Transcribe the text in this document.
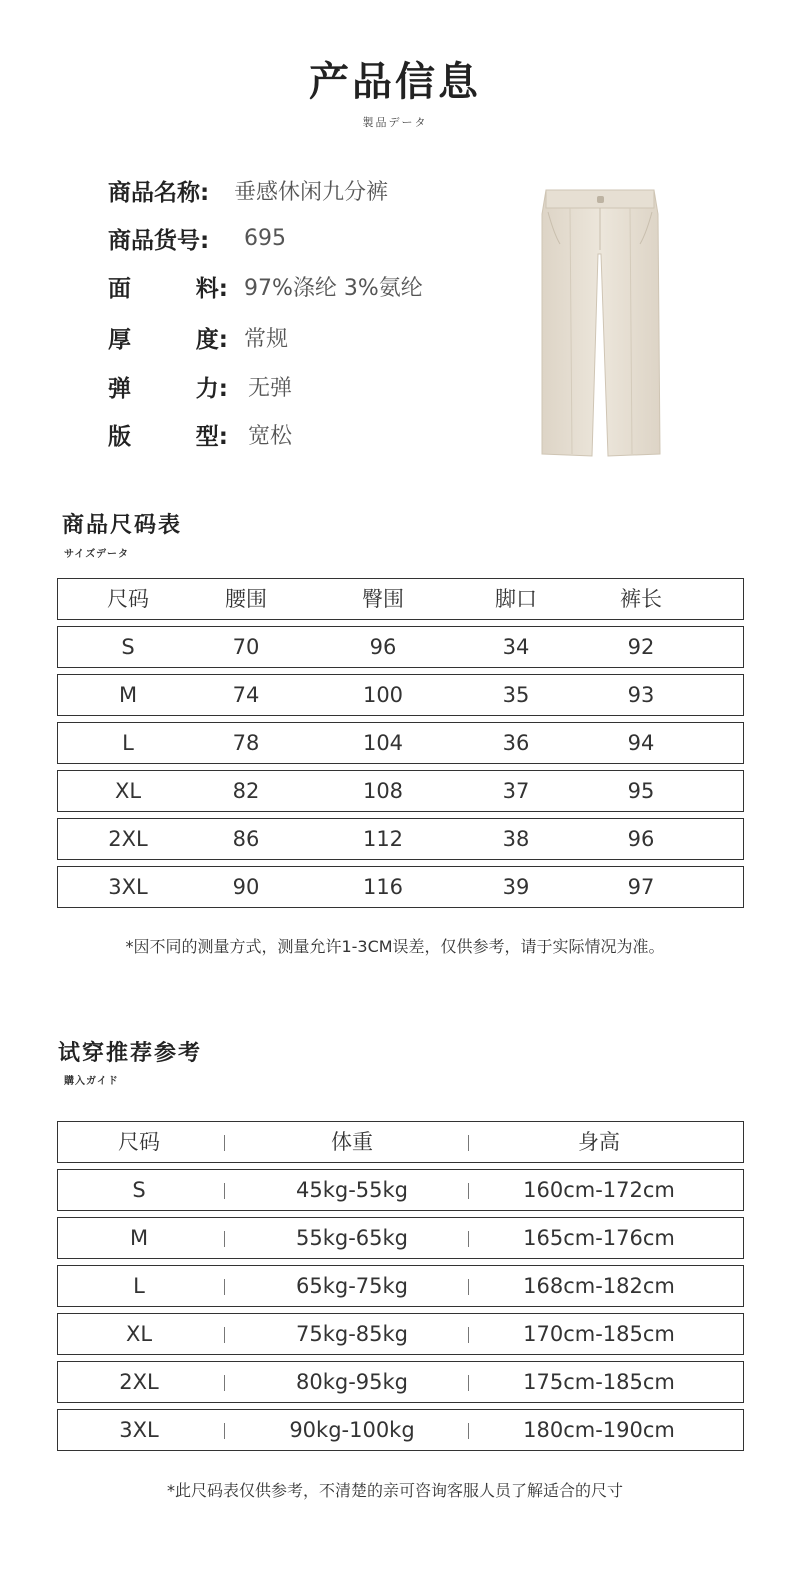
产品信息
製品データ
商品名称:	垂感休闲九分裤
商品货号:	695
面	料: 97%涤纶 3%氨纶
厚	度: 常规
弹	力: 无弹
版	型: 宽松
商品尺码表
サイズデータ
尺码	腰围	臀围	脚口	裤长
S	70	96	34	92
M	74	100	35	93
L	78	104	36	94
XL	82	108	37	95
2XL	86	112	38	96
3XL	90	116	39	97
*因不同的测量方式，测量允许1-3CM误差，仅供参考，请于实际情况为准。
试穿推荐参考
購入ガイド
尺码	体重	身高
S	45kg-55kg	160cm-172cm
M	55kg-65kg	165cm-176cm
L	65kg-75kg	168cm-182cm
XL	75kg-85kg	170cm-185cm
2XL	80kg-95kg	175cm-185cm
3XL	90kg-100kg	180cm-190cm
*此尺码表仅供参考，不清楚的亲可咨询客服人员了解适合的尺寸
